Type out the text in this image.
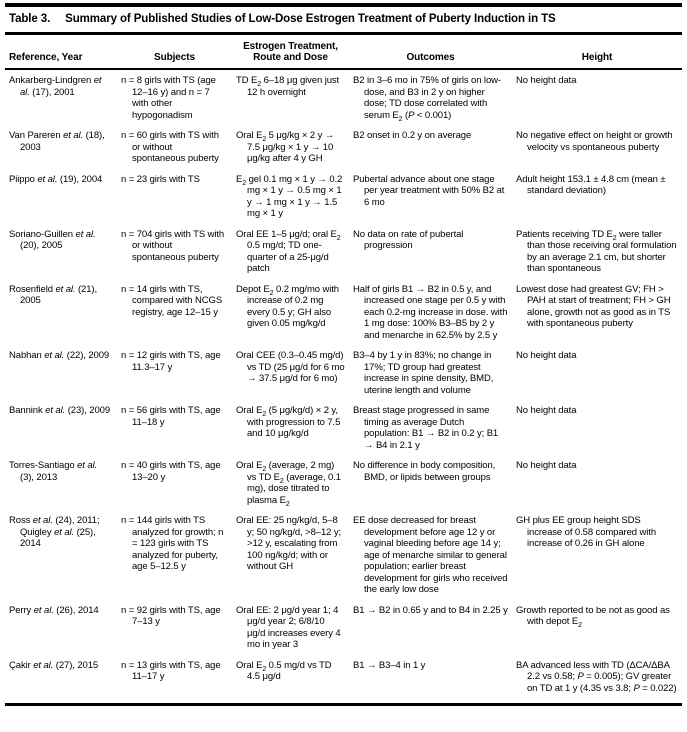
Table 3. Summary of Published Studies of Low-Dose Estrogen Treatment of Puberty Induction in TS
Reference, Year	Subjects	Estrogen Treatment, Route and Dose	Outcomes	Height

Ankarberg-Lindgren et al. (17), 2001	n = 8 girls with TS (age 12–16 y) and n = 7 with other hypogonadism	TD $E_2$ 6–18 μg given just 12 h overnight	B2 in 3–6 mo in 75% of girls on low-dose, and B3 in 2 y on higher dose; TD dose correlated with serum $E_2$ (P < 0.001)	No height data

Van Pareren et al. (18), 2003	n = 60 girls with TS with or without spontaneous puberty	Oral $E_2$ 5 μg/kg × 2 y → 7.5 μg/kg × 1 y → 10 μg/kg after 4 y GH	B2 onset in 0.2 y on average	No negative effect on height or growth velocity vs spontaneous puberty

Piippo et al. (19), 2004	n = 23 girls with TS	$E_2$ gel 0.1 mg × 1 y → 0.2 mg × 1 y → 0.5 mg × 1 y → 1 mg × 1 y → 1.5 mg × 1 y	Pubertal advance about one stage per year treatment with 50% B2 at 6 mo	Adult height 153.1 ± 4.8 cm (mean ± standard deviation)

Soriano-Guillen et al. (20), 2005	n = 704 girls with TS with or without spontaneous puberty	Oral EE 1–5 μg/d; oral $E_2$ 0.5 mg/d; TD one-quarter of a 25-μg/d patch	No data on rate of pubertal progression	Patients receiving TD $E_2$ were taller than those receiving oral formulation by an average 2.1 cm, but shorter than spontaneous

Rosenfield et al. (21), 2005	n = 14 girls with TS, compared with NCGS registry, age 12–15 y	Depot $E_2$ 0.2 mg/mo with increase of 0.2 mg every 0.5 y; GH also given 0.05 mg/kg/d	Half of girls B1 → B2 in 0.5 y, and increased one stage per 0.5 y with each 0.2-mg increase in dose. with 1 mg dose: 100% B3–B5 by 2 y and menarche in 62.5% by 2.5 y	Lowest dose had greatest GV; FH > PAH at start of treatment; FH > GH alone, growth not as good as in TS with spontaneous puberty

Nabhan et al. (22), 2009	n = 12 girls with TS, age 11.3–17 y	Oral CEE (0.3–0.45 mg/d) vs TD (25 μg/d for 6 mo → 37.5 μg/d for 6 mo)	B3–4 by 1 y in 83%; no change in 17%; TD group had greatest increase in spine density, BMD, uterine length and volume	No height data

Bannink et al. (23), 2009	n = 56 girls with TS, age 11–18 y	Oral $E_2$ (5 μg/kg/d) × 2 y, with progression to 7.5 and 10 μg/kg/d	Breast stage progressed in same timing as average Dutch population: B1 → B2 in 0.2 y; B1 → B4 in 2.1 y	No height data

Torres-Santiago et al. (3), 2013	n = 40 girls with TS, age 13–20 y	Oral $E_2$ (average, 2 mg) vs TD $E_2$ (average, 0.1 mg), dose titrated to plasma $E_2$	No difference in body composition, BMD, or lipids between groups	No height data

Ross et al. (24), 2011; Quigley et al. (25), 2014	n = 144 girls with TS analyzed for growth; n = 123 girls with TS analyzed for puberty, age 5–12.5 y	Oral EE: 25 ng/kg/d, 5–8 y; 50 ng/kg/d, >8–12 y; >12 y, escalating from 100 ng/kg/d; with or without GH	EE dose decreased for breast development before age 12 y or vaginal bleeding before age 14 y; age of menarche similar to general population; earlier breast development for girls who received the early low dose	GH plus EE group height SDS increase of 0.58 compared with increase of 0.26 in GH alone

Perry et al. (26), 2014	n = 92 girls with TS, age 7–13 y	Oral EE: 2 μg/d year 1; 4 μg/d year 2; 6/8/10 μg/d increases every 4 mo in year 3	B1 → B2 in 0.65 y and to B4 in 2.25 y	Growth reported to be not as good as with depot $E_2$

Çakir et al. (27), 2015	n = 13 girls with TS, age 11–17 y	Oral $E_2$ 0.5 mg/d vs TD 4.5 μg/d	B1 → B3–4 in 1 y	BA advanced less with TD (ΔCA/ΔBA 2.2 vs 0.58; P = 0.005); GV greater on TD at 1 y (4.35 vs 3.8; P = 0.022)
